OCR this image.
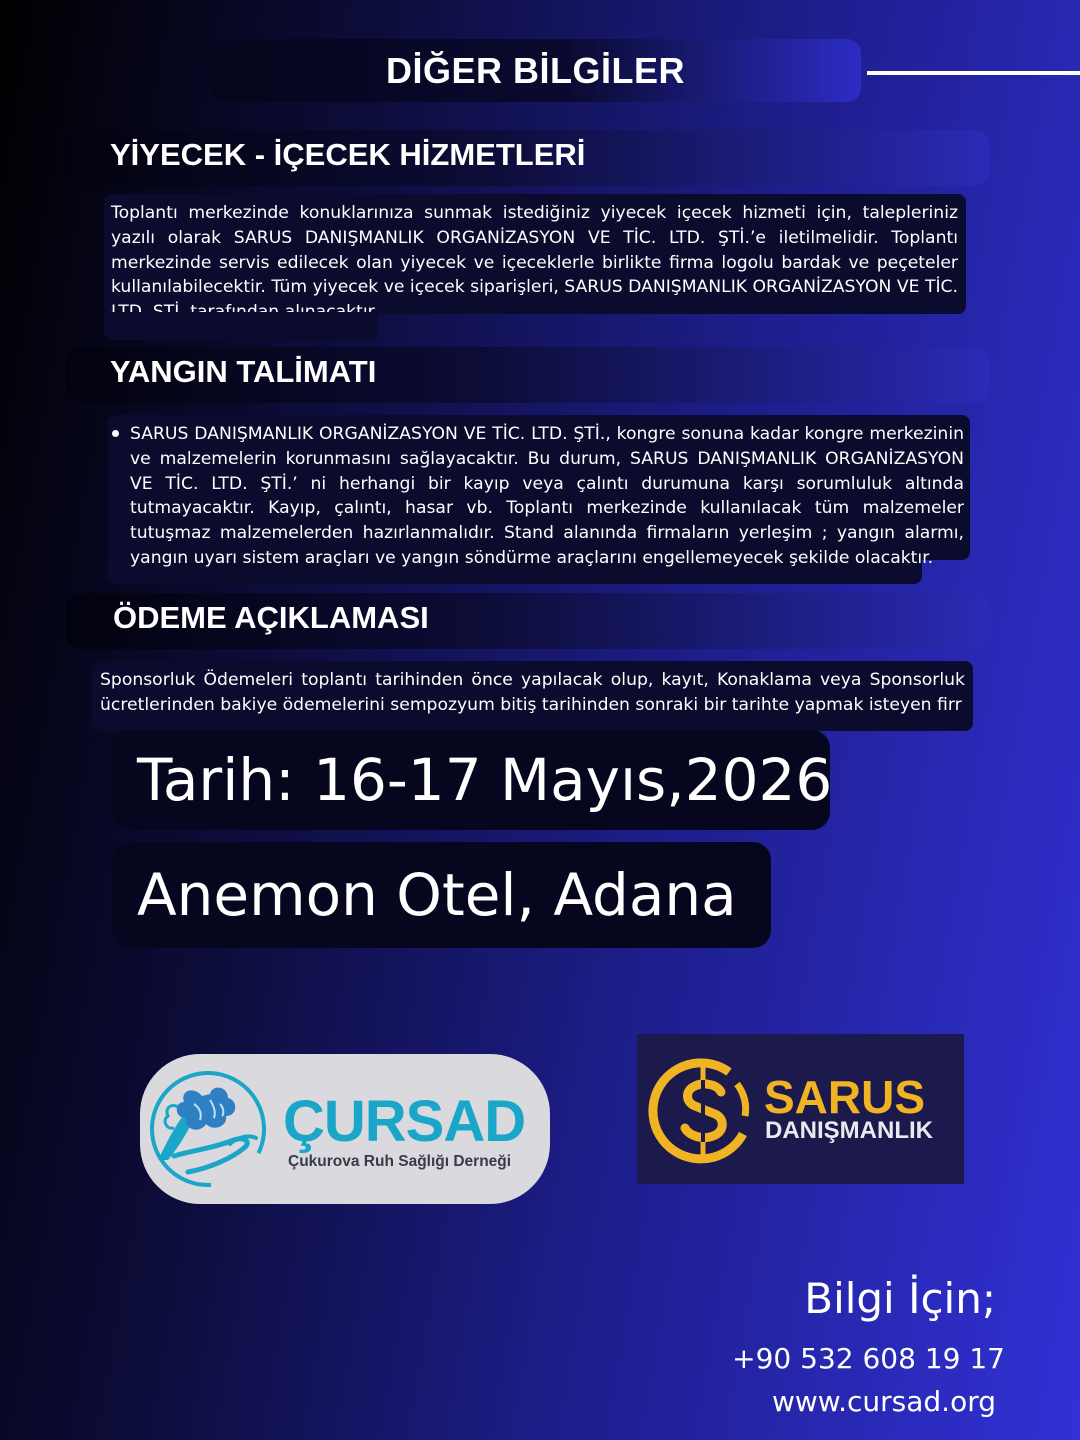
DİĞER BİLGİLER
YİYECEK - İÇECEK HİZMETLERİ

Toplantı merkezinde konuklarınıza sunmak istediğiniz yiyecek içecek hizmeti için, talepleriniz yazılı olarak SARUS DANIŞMANLIK ORGANİZASYON VE TİC. LTD. ŞTİ.’e iletilmelidir. Toplantı merkezinde servis edilecek olan yiyecek ve içeceklerle birlikte firma logolu bardak ve peçeteler kullanılabilecektir. Tüm yiyecek ve içecek siparişleri, SARUS DANIŞMANLIK ORGANİZASYON VE TİC.

YANGIN TALİMATI

SARUS DANIŞMANLIK ORGANİZASYON VE TİC. LTD. ŞTİ., kongre sonuna kadar kongre merkezinin ve malzemelerin korunmasını sağlayacaktır. Bu durum, SARUS DANIŞMANLIK ORGANİZASYON VE TİC. LTD. ŞTİ.’ ni herhangi bir kayıp veya çalıntı durumuna karşı sorumluluk altında tutmayacaktır. Kayıp, çalıntı, hasar vb. Toplantı merkezinde kullanılacak tüm malzemeler tutuşmaz malzemelerden hazırlanmalıdır. Stand alanında firmaların yerleşim ; yangın alarmı, yangın uyarı sistem araçları ve yangın söndürme araçlarını engellemeyecek şekilde olacaktır.

ÖDEME AÇIKLAMASI

Sponsorluk Ödemeleri toplantı tarihinden önce yapılacak olup, kayıt, Konaklama veya Sponsorluk ücretlerinden bakiye ödemelerini sempozyum bitiş tarihinden sonraki bir tarihte yapmak isteyen firr

Tarih: 16-17 Mayıs,2026
Anemon Otel, Adana
ÇURSAD
Çukurova Ruh Sağlığı Derneği
SARUS
DANIŞMANLIK
Bilgi İçin;
+90 532 608 19 17
www.cursad.org
